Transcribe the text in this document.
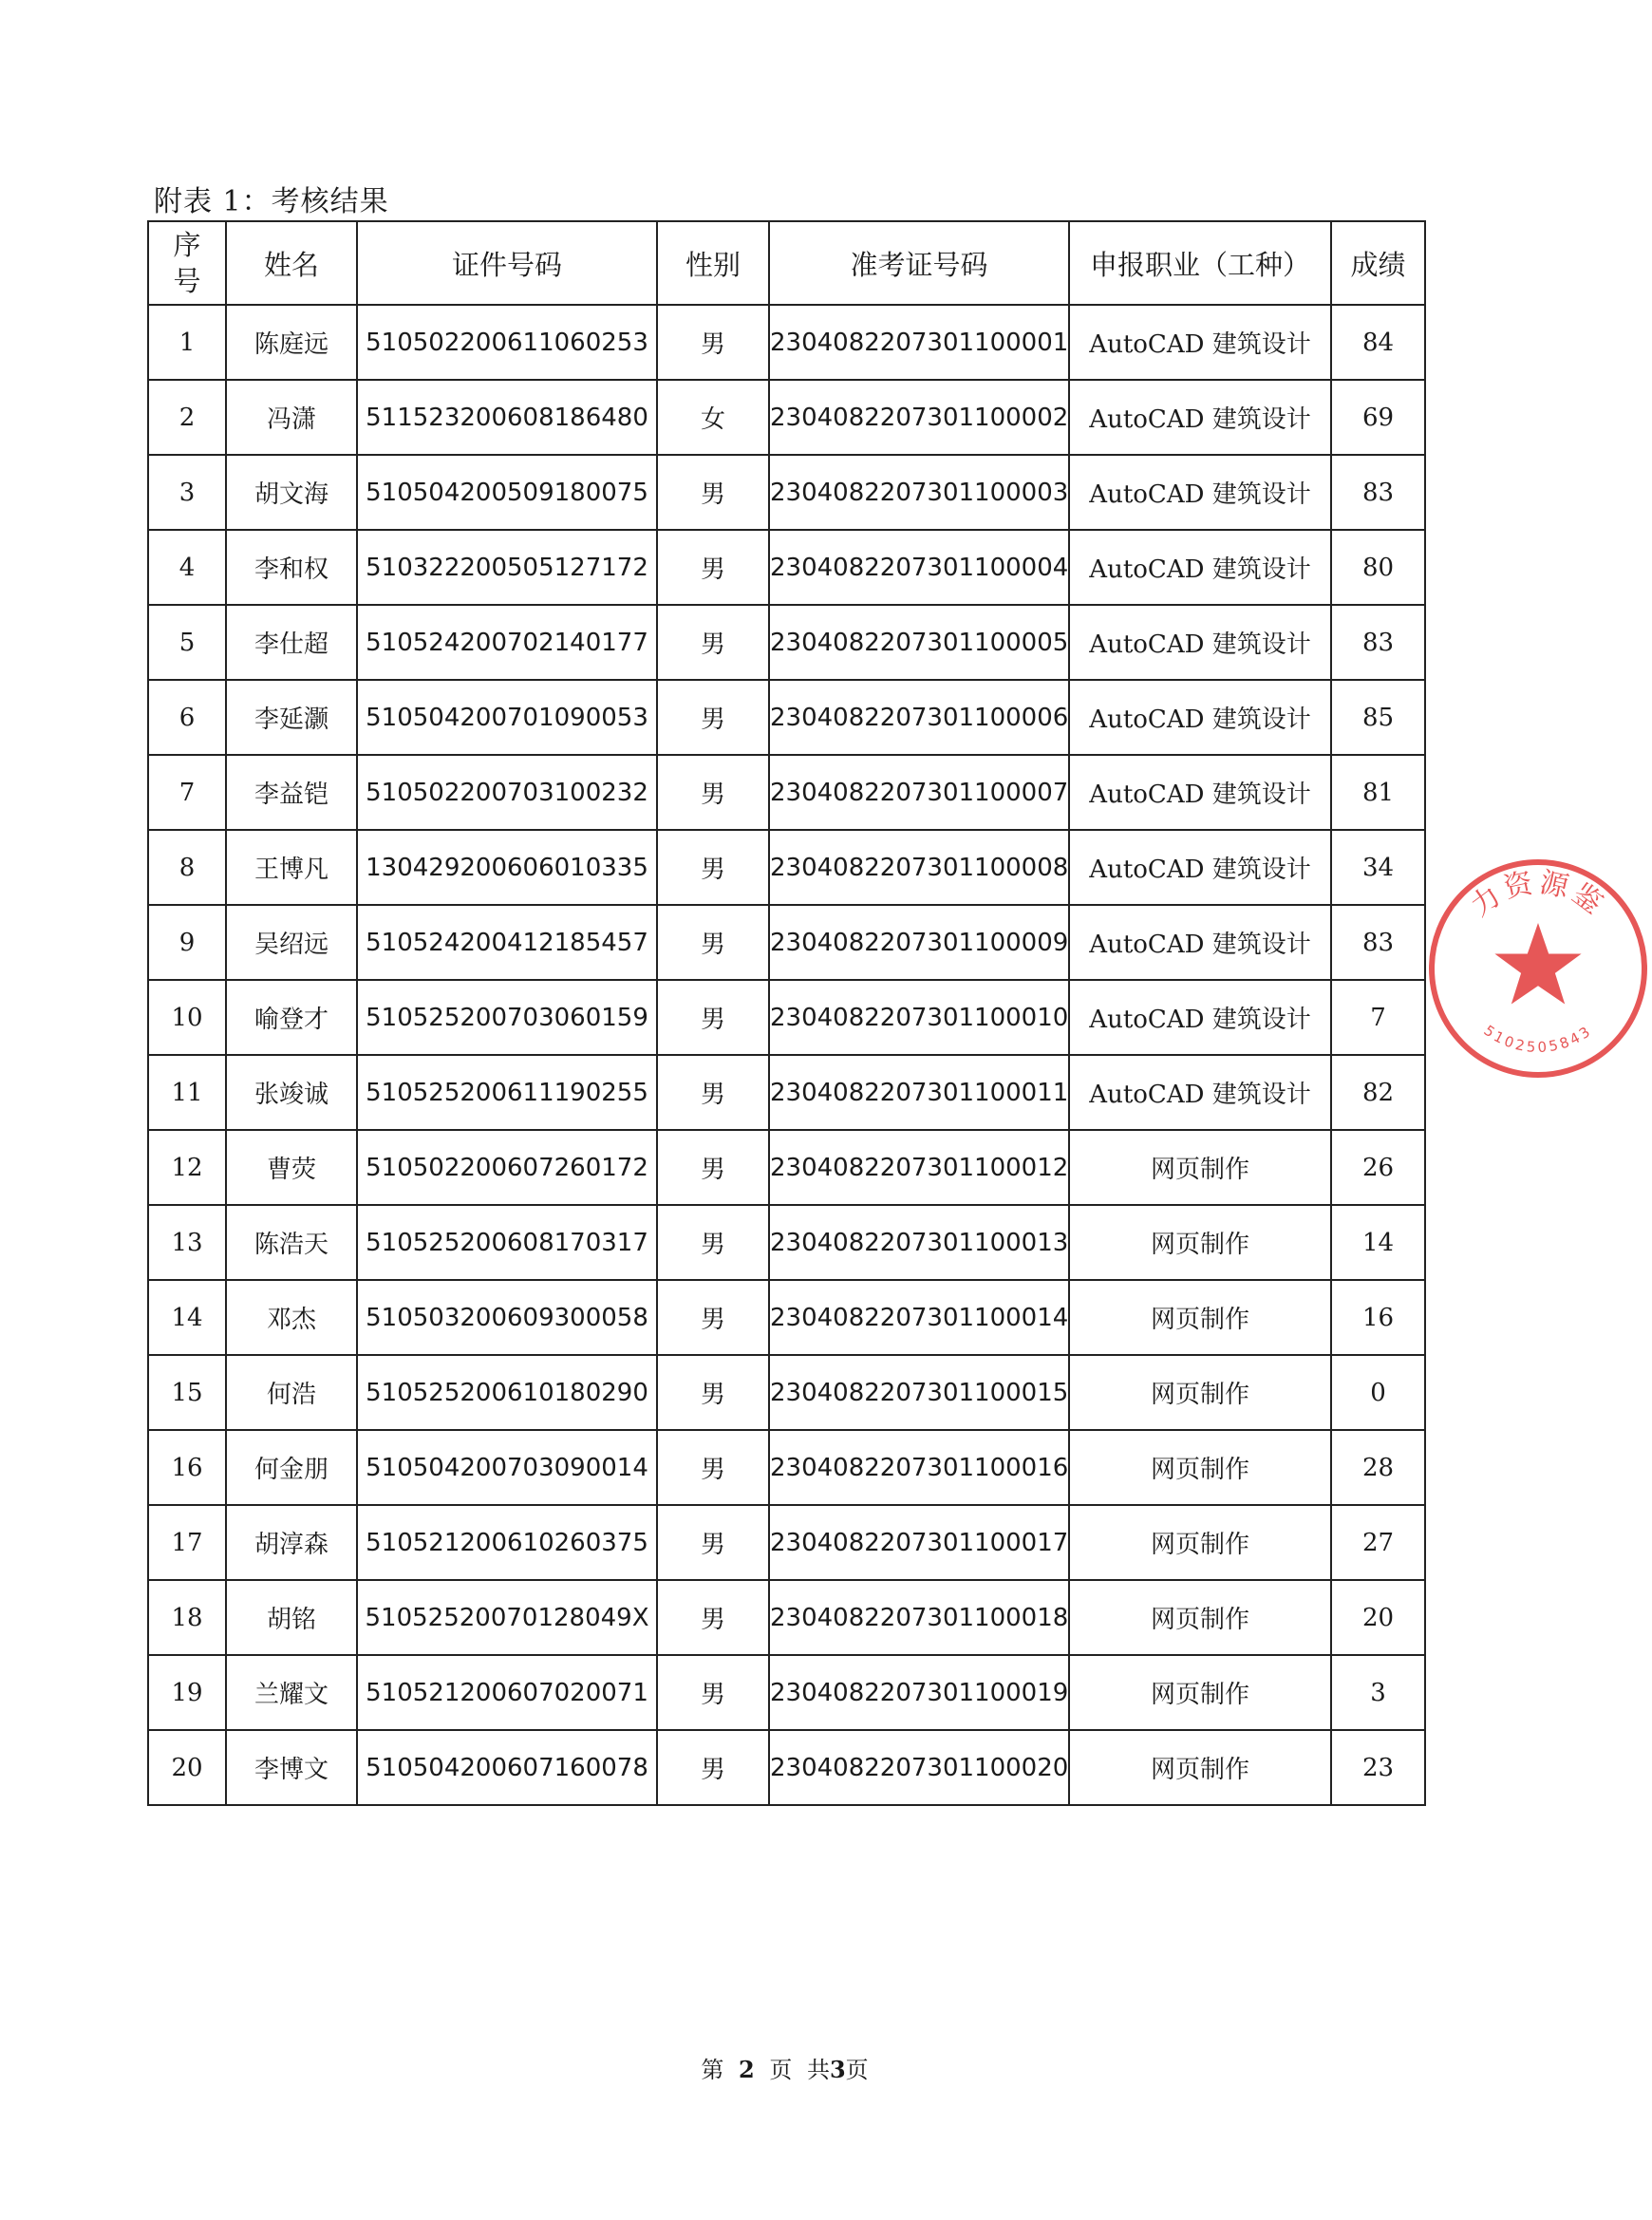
附表 1：考核结果
序
号	姓名	证件号码	性别	准考证号码	申报职业（工种）	成绩
1	陈庭远	510502200611060253	男	2304082207301100001	AutoCAD 建筑设计	84
2	冯潇	511523200608186480	女	2304082207301100002	AutoCAD 建筑设计	69
3	胡文海	510504200509180075	男	2304082207301100003	AutoCAD 建筑设计	83
4	李和权	510322200505127172	男	2304082207301100004	AutoCAD 建筑设计	80
5	李仕超	510524200702140177	男	2304082207301100005	AutoCAD 建筑设计	83
6	李延灏	510504200701090053	男	2304082207301100006	AutoCAD 建筑设计	85
7	李益铠	510502200703100232	男	2304082207301100007	AutoCAD 建筑设计	81
8	王博凡	130429200606010335	男	2304082207301100008	AutoCAD 建筑设计	34
9	吴绍远	510524200412185457	男	2304082207301100009	AutoCAD 建筑设计	83
10	喻登才	510525200703060159	男	2304082207301100010	AutoCAD 建筑设计	7
11	张竣诚	510525200611190255	男	2304082207301100011	AutoCAD 建筑设计	82
12	曹荧	510502200607260172	男	2304082207301100012	网页制作	26
13	陈浩天	510525200608170317	男	2304082207301100013	网页制作	14
14	邓杰	510503200609300058	男	2304082207301100014	网页制作	16
15	何浩	510525200610180290	男	2304082207301100015	网页制作	0
16	何金朋	510504200703090014	男	2304082207301100016	网页制作	28
17	胡淳森	510521200610260375	男	2304082207301100017	网页制作	27
18	胡铭	51052520070128049X	男	2304082207301100018	网页制作	20
19	兰耀文	510521200607020071	男	2304082207301100019	网页制作	3
20	李博文	510504200607160078	男	2304082207301100020	网页制作	23
第 2 页 共3页
力资源鉴
5102505843
